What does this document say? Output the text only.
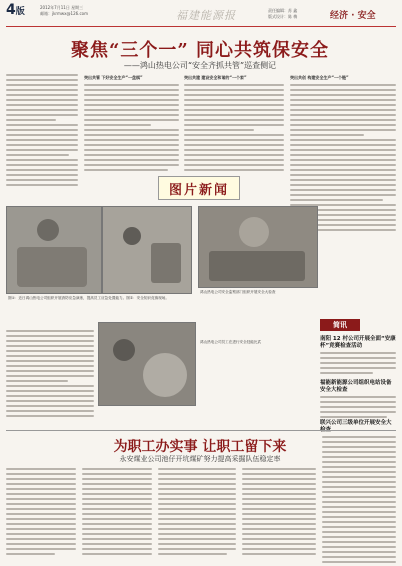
4版	2012年7月11日 星期三
邮箱：jkrmwx@126.com	福建能源报	责任编辑：苏 鑫
版式设计：陈 梅	经济 · 安全
聚焦“三个一” 同心共筑保安全
——鸿山热电公司“安全齐抓共管”巡查侧记
突出共管 下好安全生产“一盘棋”	突出共建 建设安全和谐的“一个家”	突出共创 构建安全生产“一个链”
图片新闻
图①：近日鸿山热电公司组织开展消防应急演练，提高员工应急处置能力。图②：安全知识竞赛现场。
鸿山热电公司安全监察部门组织开展安全大检查
鸿山热电公司员工在进行安全技能比武
简讯
南阳 12 村公司开展全面“安康杯”竞赛检查活动
福能新能源公司组织电站设备安全大检查
联兴公司三级单位开展安全大
为职工办实事 让职工留下来
永安煤业公司池仔开坑煤矿努力提高采掘队伍稳定率
